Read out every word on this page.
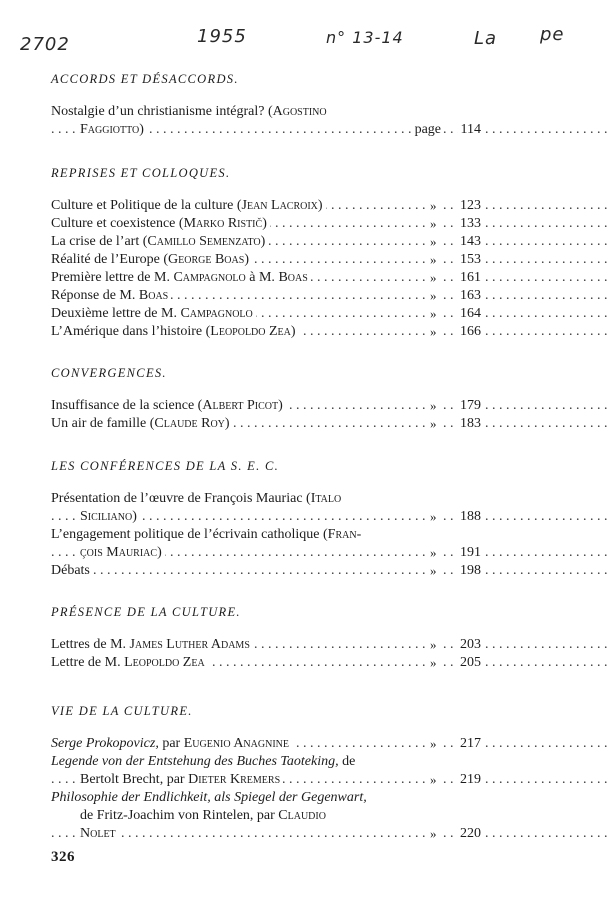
2702	1955	n° 13-14	La pe
ACCORDS ET DÉSACCORDS.
Nostalgie d’un christianisme intégral? (Agostino
. . .
Faggiotto)	page 114
REPRISES ET COLLOQUES.
. . .
Culture et Politique de la culture (Jean Lacroix)	» 123
. . .
Culture et coexistence (Marko Ristič)	» 133
. . .
La crise de l’art (Camillo Semenzato)	» 143
. . .
Réalité de l’Europe (George Boas)	» 153
. . .
Première lettre de M. Campagnolo à M. Boas	» 161
. . .
Réponse de M. Boas	» 163
. . .
Deuxième lettre de M. Campagnolo	» 164
. . .
L’Amérique dans l’histoire (Leopoldo Zea)	» 166
CONVERGENCES.
. . .
Insuffisance de la science (Albert Picot)	» 179
. . .
Un air de famille (Claude Roy)	» 183
LES CONFÉRENCES DE LA S. E. C.
Présentation de l’œuvre de François Mauriac (Italo
. . .
Siciliano)	» 188
L’engagement politique de l’écrivain catholique (Fran-
. . .
çois Mauriac)	» 191
. . .
Débats	» 198
PRÉSENCE DE LA CULTURE.
. . .
Lettres de M. James Luther Adams	» 203
. . .
Lettre de M. Leopoldo Zea	» 205
VIE DE LA CULTURE.
. . .
Serge Prokopovicz, par Eugenio Anagnine	» 217
Legende von der Entstehung des Buches Taoteking, de
. . .
Bertolt Brecht, par Dieter Kremers	» 219
Philosophie der Endlichkeit, als Spiegel der Gegenwart,
de Fritz-Joachim von Rintelen, par Claudio
. . .
Nolet	» 220
326
